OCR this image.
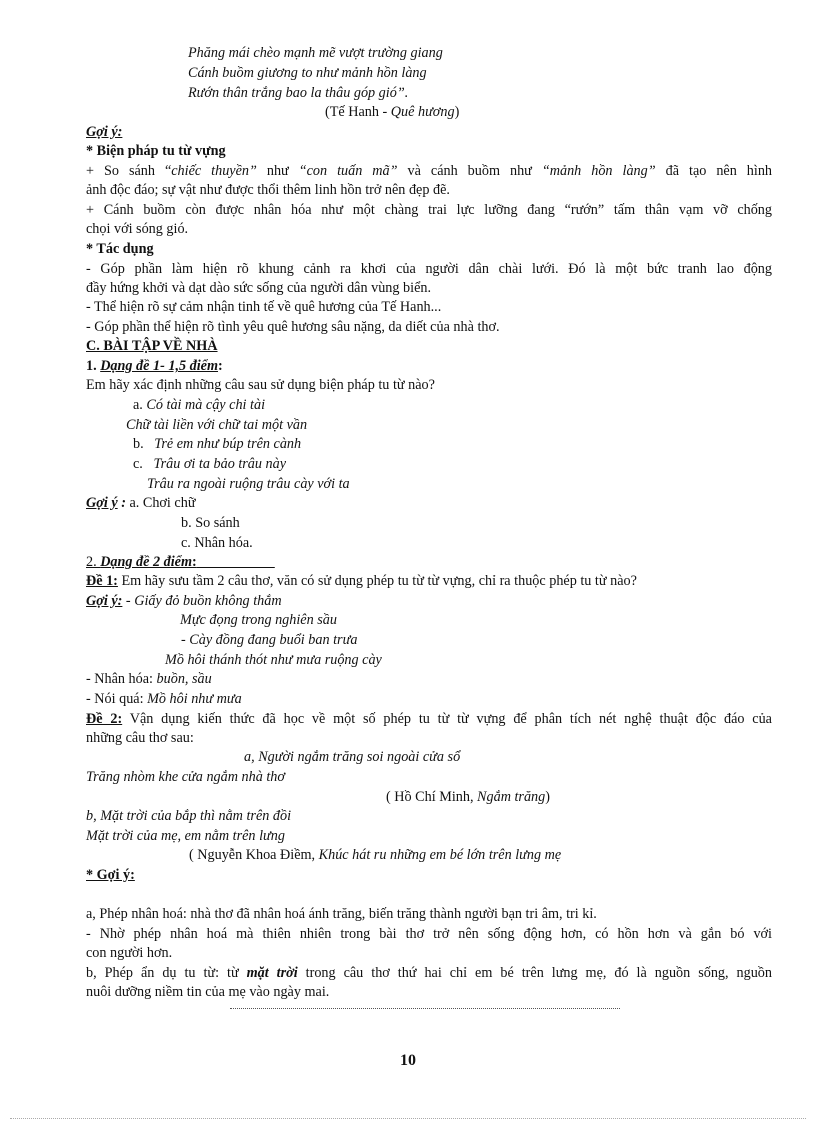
Phăng mái chèo mạnh mẽ vượt trường giang
Cánh buồm giương to như mảnh hồn làng
Rướn thân trắng bao la thâu góp gió”.
(Tế Hanh - Quê hương)
Gợi ý:
* Biện pháp tu từ vựng
+ So sánh “chiếc thuyền” như “con tuấn mã” và cánh buồm như “mảnh hồn làng” đã tạo nên hình
ảnh độc đáo; sự vật như được thổi thêm linh hồn trở nên đẹp đẽ.
+ Cánh buồm còn được nhân hóa như một chàng trai lực lưỡng đang “rướn” tấm thân vạm vỡ chống
chọi với sóng gió.
* Tác dụng
- Góp phần làm hiện rõ khung cảnh ra khơi của người dân chài lưới. Đó là một bức tranh lao động
đầy hứng khởi và dạt dào sức sống của người dân vùng biển.
- Thể hiện rõ sự cảm nhận tinh tế về quê hương của Tế Hanh...
- Góp phần thể hiện rõ tình yêu quê hương sâu nặng, da diết của nhà thơ.
C. BÀI TẬP VỀ NHÀ
1. Dạng đề 1- 1,5 điểm:
Em hãy xác định những câu sau sử dụng biện pháp tu từ nào?
a. Có tài mà cậy chi tài
Chữ tài liền với chữ tai một vần
b. Trẻ em như búp trên cành
c. Trâu ơi ta bảo trâu này
Trâu ra ngoài ruộng trâu cày với ta
Gợi ý : a. Chơi chữ
b. So sánh
c. Nhân hóa.
2. Dạng đề 2 điểm:
Đề 1: Em hãy sưu tầm 2 câu thơ, văn có sử dụng phép tu từ từ vựng, chỉ ra thuộc phép tu từ nào?
Gợi ý: - Giấy đỏ buồn không thắm
Mực đọng trong nghiên sầu
- Cày đồng đang buổi ban trưa
Mồ hôi thánh thót như mưa ruộng cày
- Nhân hóa: buồn, sầu
- Nói quá: Mồ hôi như mưa
Đề 2: Vận dụng kiến thức đã học về một số phép tu từ từ vựng để phân tích nét nghệ thuật độc đáo của
những câu thơ sau:
a, Người ngắm trăng soi ngoài cửa sổ
Trăng nhòm khe cửa ngắm nhà thơ
( Hồ Chí Minh, Ngắm trăng)
b, Mặt trời của bắp thì nằm trên đồi
Mặt trời của mẹ, em nằm trên lưng
( Nguyễn Khoa Điềm, Khúc hát ru những em bé lớn trên lưng mẹ
* Gợi ý:
a, Phép nhân hoá: nhà thơ đã nhân hoá ánh trăng, biến trăng thành người bạn tri âm, tri kỉ.
- Nhờ phép nhân hoá mà thiên nhiên trong bài thơ trở nên sống động hơn, có hồn hơn và gắn bó với
con người hơn.
b, Phép ẩn dụ tu từ: từ mặt trời trong câu thơ thứ hai chỉ em bé trên lưng mẹ, đó là nguồn sống, nguồn
nuôi dưỡng niềm tin của mẹ vào ngày mai.
10
